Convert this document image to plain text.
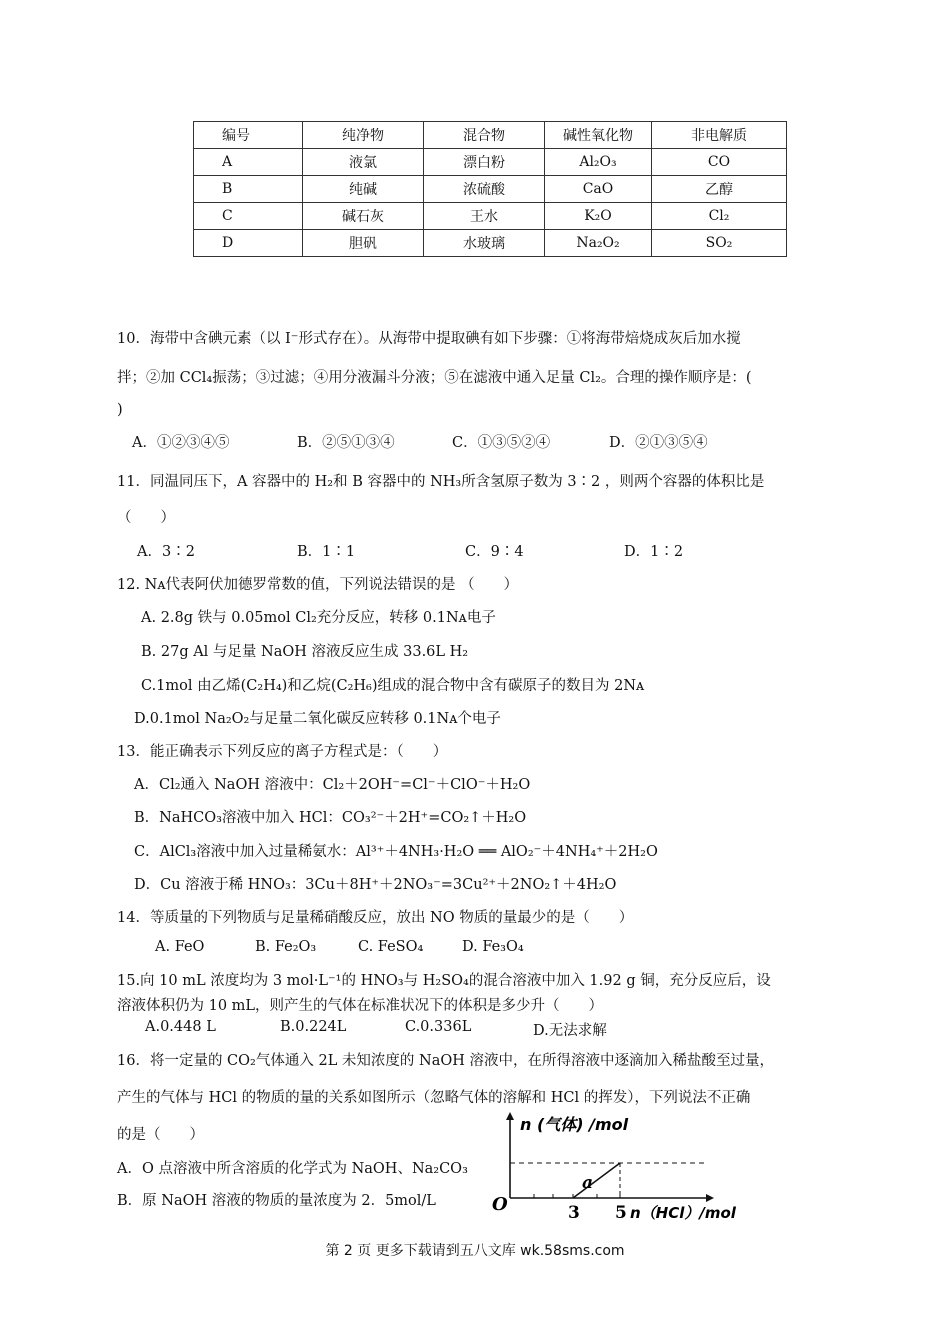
编号	纯净物	混合物	碱性氧化物	非电解质
A	液氯	漂白粉	Al₂O₃	CO
B	纯碱	浓硫酸	CaO	乙醇
C	碱石灰	王水	K₂O	Cl₂
D	胆矾	水玻璃	Na₂O₂	SO₂
10．海带中含碘元素（以 I⁻形式存在）。从海带中提取碘有如下步骤：①将海带焙烧成灰后加水搅
拌；②加 CCl₄振荡；③过滤；④用分液漏斗分液；⑤在滤液中通入足量 Cl₂。合理的操作顺序是：(
)
A．①②③④⑤	B．②⑤①③④	C．①③⑤②④	D．②①③⑤④
11．同温同压下，A 容器中的 H₂和 B 容器中的 NH₃所含氢原子数为 3∶2 ，则两个容器的体积比是
（　　）
A．3∶2	B．1∶1	C．9∶4	D．1∶2
12. Nᴀ代表阿伏加德罗常数的值，下列说法错误的是 （　　）
A. 2.8g 铁与 0.05mol Cl₂充分反应，转移 0.1Nᴀ电子
B. 27g Al 与足量 NaOH 溶液反应生成 33.6L H₂
C.1mol 由乙烯(C₂H₄)和乙烷(C₂H₆)组成的混合物中含有碳原子的数目为 2Nᴀ
D.0.1mol Na₂O₂与足量二氧化碳反应转移 0.1Nᴀ个电子
13．能正确表示下列反应的离子方程式是：（　　）
A．Cl₂通入 NaOH 溶液中：Cl₂＋2OH⁻=Cl⁻＋ClO⁻＋H₂O
B．NaHCO₃溶液中加入 HCl：CO₃²⁻＋2H⁺=CO₂↑＋H₂O
C．AlCl₃溶液中加入过量稀氨水：Al³⁺＋4NH₃·H₂O ══ AlO₂⁻＋4NH₄⁺＋2H₂O
D．Cu 溶液于稀 HNO₃：3Cu＋8H⁺＋2NO₃⁻=3Cu²⁺＋2NO₂↑＋4H₂O
14．等质量的下列物质与足量稀硝酸反应，放出 NO 物质的量最少的是（　　）
A. FeO	B. Fe₂O₃	C. FeSO₄	D. Fe₃O₄
15.向 10 mL 浓度均为 3 mol·L⁻¹的 HNO₃与 H₂SO₄的混合溶液中加入 1.92 g 铜，充分反应后，设
溶液体积仍为 10 mL，则产生的气体在标准状况下的体积是多少升（　　）
A.0.448 L	B.0.224L	C.0.336L	D.无法求解
16．将一定量的 CO₂气体通入 2L 未知浓度的 NaOH 溶液中，在所得溶液中逐滴加入稀盐酸至过量，
产生的气体与 HCl 的物质的量的关系如图所示（忽略气体的溶解和 HCl 的挥发），下列说法不正确
的是（　　）
A．O 点溶液中所含溶质的化学式为 NaOH、Na₂CO₃
B．原 NaOH 溶液的物质的量浓度为 2．5mol/L
n (气体) /mol
O
a
3 5 n（HCl）/mol
第 2 页 更多下载请到五八文库 wk.58sms.com
